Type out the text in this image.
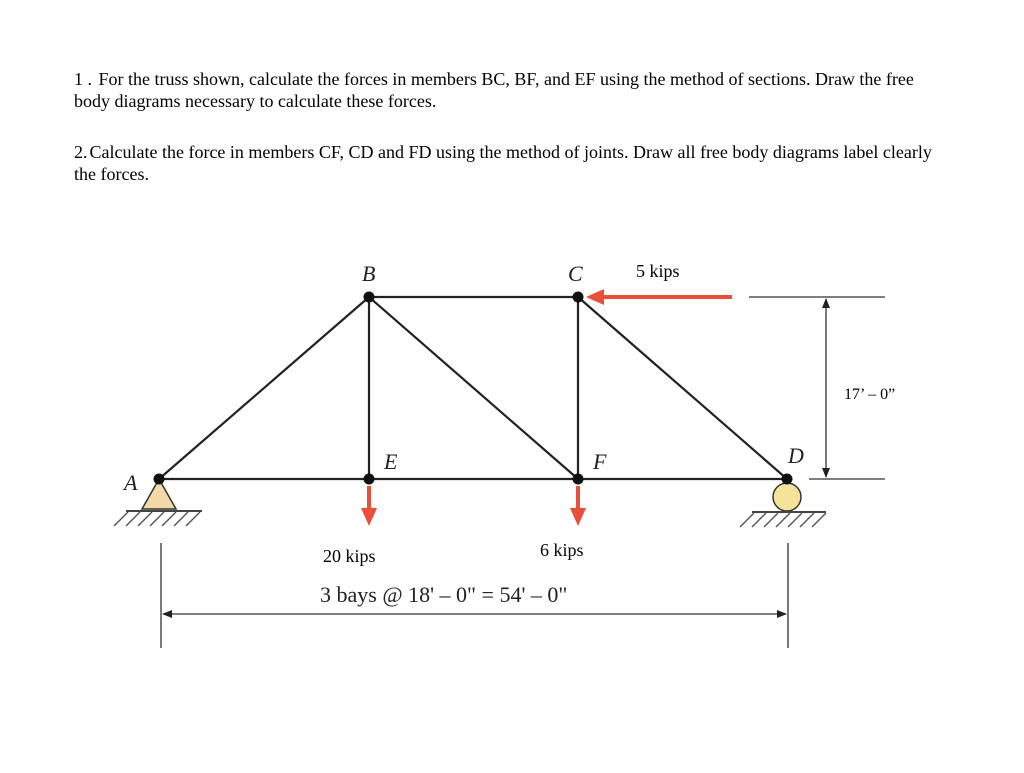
1 . For the truss shown, calculate the forces in members BC, BF, and EF using the method of sections. Draw the free body diagrams necessary to calculate these forces.

2. Calculate the force in members CF, CD and FD using the method of joints. Draw all free body diagrams label clearly the forces.

A
B	C
D
E	F
5 kips
20 kips	6 kips
17’ – 0”
3 bays @ 18' – 0" = 54' – 0"
